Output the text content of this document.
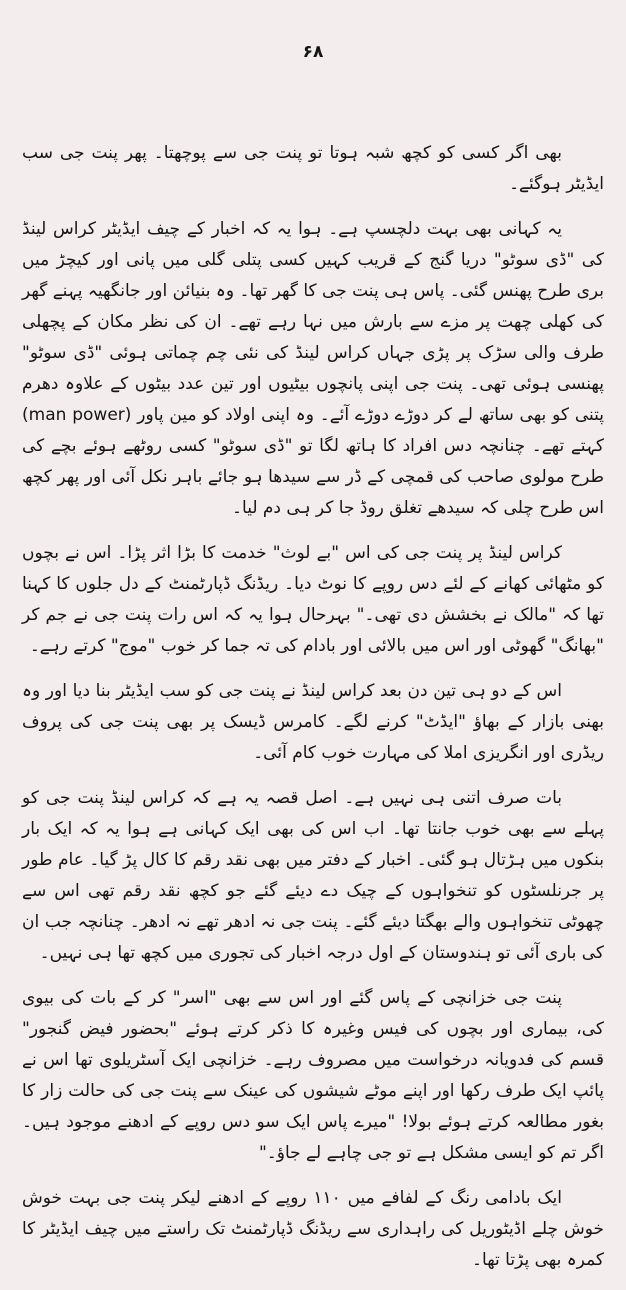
۶۸

بھی اگر کسی کو کچھ شبہ ہوتا تو پنت جی سے پوچھتا۔ پھر پنت جی سب ایڈیٹر ہوگئے۔

یہ کہانی بھی بہت دلچسپ ہے۔ ہوا یہ کہ اخبار کے چیف ایڈیٹر کراس لینڈ کی "ڈی سوٹو" دریا گنج کے قریب کہیں کسی پتلی گلی میں پانی اور کیچڑ میں بری طرح پھنس گئی۔ پاس ہی پنت جی کا گھر تھا۔ وہ بنیائن اور جانگھیہ پہنے گھر کی کھلی چھت پر مزے سے بارش میں نہا رہے تھے۔ ان کی نظر مکان کے پچھلی طرف والی سڑک پر پڑی جہاں کراس لینڈ کی نئی چم چماتی ہوئی "ڈی سوٹو" پھنسی ہوئی تھی۔ پنت جی اپنی پانچوں بیٹیوں اور تین عدد بیٹوں کے علاوہ دھرم پتنی کو بھی ساتھ لے کر دوڑے دوڑے آئے۔ وہ اپنی اولاد کو مین پاور (man power) کہتے تھے۔ چنانچہ دس افراد کا ہاتھ لگا تو "ڈی سوٹو" کسی روٹھے ہوئے بچے کی طرح مولوی صاحب کی قمچی کے ڈر سے سیدھا ہو جائے باہر نکل آئی اور پھر کچھ اس طرح چلی کہ سیدھے تغلق روڈ جا کر ہی دم لیا۔

کراس لینڈ پر پنت جی کی اس "بے لوث" خدمت کا بڑا اثر پڑا۔ اس نے بچوں کو مٹھائی کھانے کے لئے دس روپے کا نوٹ دیا۔ ریڈنگ ڈپارٹمنٹ کے دل جلوں کا کہنا تھا کہ "مالک نے بخشش دی تھی۔" بہرحال ہوا یہ کہ اس رات پنت جی نے جم کر "بھانگ" گھوٹی اور اس میں بالائی اور بادام کی تہ جما کر خوب "موج" کرتے رہے۔

اس کے دو ہی تین دن بعد کراس لینڈ نے پنت جی کو سب ایڈیٹر بنا دیا اور وہ بھنی بازار کے بھاؤ "ایڈٹ" کرنے لگے۔ کامرس ڈیسک پر بھی پنت جی کی پروف ریڈری اور انگریزی املا کی مہارت خوب کام آئی۔

بات صرف اتنی ہی نہیں ہے۔ اصل قصہ یہ ہے کہ کراس لینڈ پنت جی کو پہلے سے بھی خوب جانتا تھا۔ اب اس کی بھی ایک کہانی ہے ہوا یہ کہ ایک بار بنکوں میں ہڑتال ہو گئی۔ اخبار کے دفتر میں بھی نقد رقم کا کال پڑ گیا۔ عام طور پر جرنلسٹوں کو تنخواہوں کے چیک دے دیئے گئے جو کچھ نقد رقم تھی اس سے چھوٹی تنخواہوں والے بھگتا دیئے گئے۔ پنت جی نہ ادھر تھے نہ ادھر۔ چنانچہ جب ان کی باری آئی تو ہندوستان کے اول درجہ اخبار کی تجوری میں کچھ تھا ہی نہیں۔

پنت جی خزانچی کے پاس گئے اور اس سے بھی "اسر" کر کے بات کی بیوی کی، بیماری اور بچوں کی فیس وغیرہ کا ذکر کرتے ہوئے "بحضور فیض گنجور" قسم کی فدویانہ درخواست میں مصروف رہے۔ خزانچی ایک آسٹریلوی تھا اس نے پائپ ایک طرف رکھا اور اپنے موٹے شیشوں کی عینک سے پنت جی کی حالت زار کا بغور مطالعہ کرتے ہوئے بولا! "میرے پاس ایک سو دس روپے کے ادھنے موجود ہیں۔ اگر تم کو ایسی مشکل ہے تو جی چاہے لے جاؤ۔"

ایک بادامی رنگ کے لفافے میں ۱۱۰ روپے کے ادھنے لیکر پنت جی بہت خوش خوش چلے اڈیٹوریل کی راہداری سے ریڈنگ ڈپارٹمنٹ تک راستے میں چیف ایڈیٹر کا کمرہ بھی پڑتا تھا۔
